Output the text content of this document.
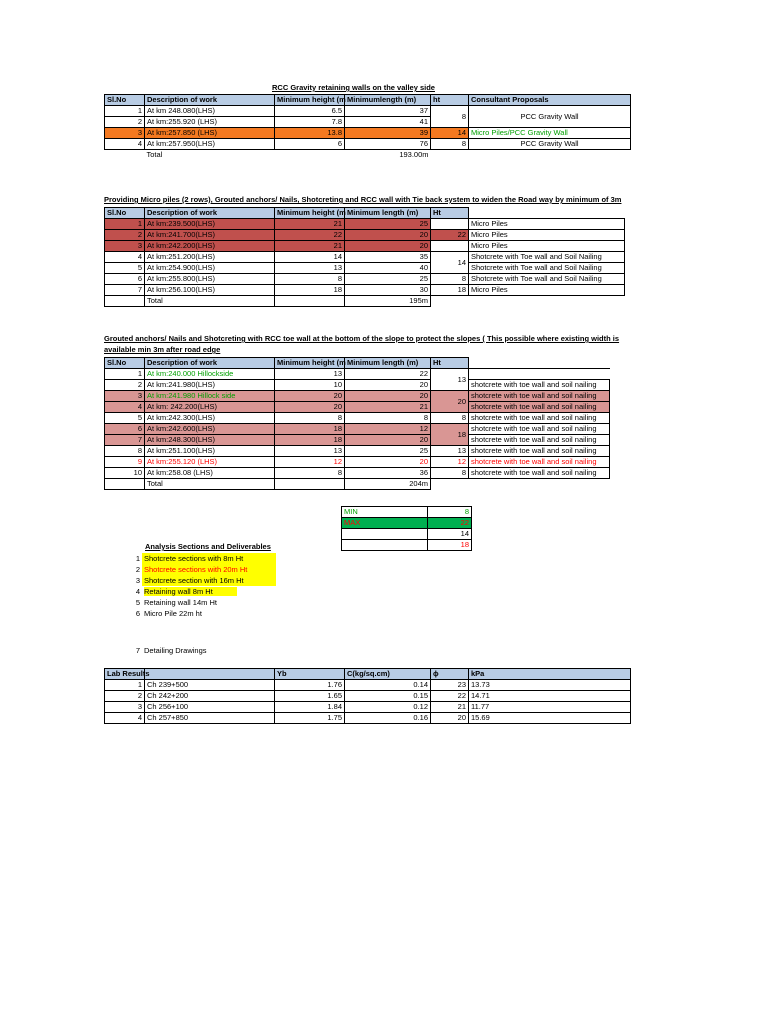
RCC Gravity retaining walls on the valley side
Sl.No	Description of work	Minimum height (m	Minimumlength (m)	ht	Consultant Proposals
1	At km 248.080(LHS)	6.5	37	8	PCC Gravity Wall
2	At km:255.920 (LHS)	7.8	41		
3	At km:257.850 (LHS)	13.8	39	14	Micro Piles/PCC Gravity Wall
4	At km:257.950(LHS)	6	76	8	PCC Gravity Wall
	Total		193.00m		
Providing Micro piles (2 rows), Grouted anchors/ Nails, Shotcreting and RCC wall with Tie back system to widen the Road way by minimum of 3m
Sl.No	Description of work	Minimum height (m	Minimum length (m)	Ht	
1	At km:239.500(LHS)	21	25		Micro Piles
2	At km:241.700(LHS)	22	20	22	Micro Piles
3	At km:242.200(LHS)	21	20		Micro Piles
4	At km:251.200(LHS)	14	35	14	Shotcrete with Toe wall and Soil Nailing
5	At km:254.900(LHS)	13	40		Shotcrete with Toe wall and Soil Nailing
6	At km:255.800(LHS)	8	25	8	Shotcrete with Toe wall and Soil Nailing
7	At km:256.100(LHS)	18	30	18	Micro Piles
	Total		195m		
Grouted anchors/ Nails and Shotcreting with RCC toe wall at the bottom of the slope to protect the slopes ( This possible where existing width is
available min 3m after road edge
Sl.No	Description of work	Minimum height (m	Minimum length (m)	Ht	
1	At km:240.000 Hillockside	13	22	13	
2	At km:241.980(LHS)	10	20		shotcrete with toe wall and soil nailing
3	At km:241.980 Hillock side	20	20	20	shotcrete with toe wall and soil nailing
4	At km: 242.200(LHS)	20	21		shotcrete with toe wall and soil nailing
5	At km:242.300(LHS)	8	8	8	shotcrete with toe wall and soil nailing
6	At km:242.600(LHS)	18	12	18	shotcrete with toe wall and soil nailing
7	At km:248.300(LHS)	18	20		shotcrete with toe wall and soil nailing
8	At km:251.100(LHS)	13	25	13	shotcrete with toe wall and soil nailing
9	At km:255.120 (LHS)	12	20	12	shotcrete with toe wall and soil nailing
10	At km:258.08 (LHS)	8	36	8	shotcrete with toe wall and soil nailing
	Total		204m		
MIN	8
MAX	22
	14
	18
Analysis Sections and Deliverables
1	Shotcrete sections with 8m Ht
2	Shotcrete sections with 20m Ht
3	Shotcrete section with 16m Ht
4	Retaining wall 8m Ht
5	Retaining wall 14m Ht
6	Micro Pile 22m ht
7	Detailing Drawings
Lab Results		Yb	C(kg/sq.cm)	ϕ	kPa
1	Ch 239+500	1.76	0.14	23	13.73
2	Ch 242+200	1.65	0.15	22	14.71
3	Ch 256+100	1.84	0.12	21	11.77
4	Ch 257+850	1.75	0.16	20	15.69
